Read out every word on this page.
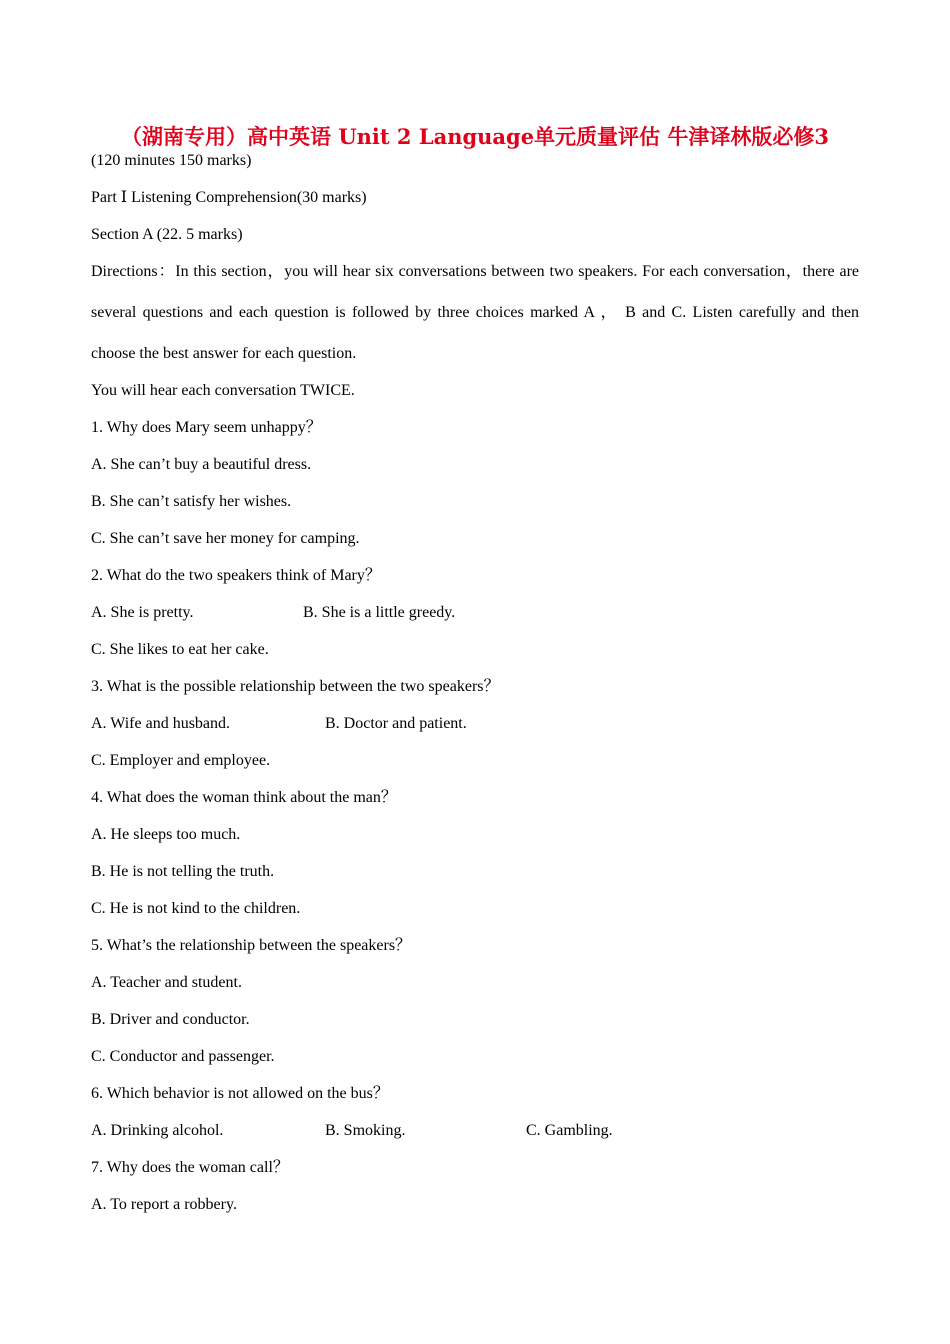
（湖南专用）高中英语 Unit 2 Language单元质量评估 牛津译林版必修3
(120 minutes 150 marks)
Part Ⅰ Listening Comprehension(30 marks)
Section A (22. 5 marks)
Directions：In this section，you will hear six conversations between two speakers. For each conversation，there are
several questions and each question is followed by three choices marked A ， B and C. Listen carefully and then
choose the best answer for each question.
You will hear each conversation TWICE.
1. Why does Mary seem unhappy？
A. She can’t buy a beautiful dress.
B. She can’t satisfy her wishes.
C. She can’t save her money for camping.
2. What do the two speakers think of Mary？
A. She is pretty.	B. She is a little greedy.
C. She likes to eat her cake.
3. What is the possible relationship between the two speakers？
A. Wife and husband.	B. Doctor and patient.
C. Employer and employee.
4. What does the woman think about the man？
A. He sleeps too much.
B. He is not telling the truth.
C. He is not kind to the children.
5. What’s the relationship between the speakers？
A. Teacher and student.
B. Driver and conductor.
C. Conductor and passenger.
6. Which behavior is not allowed on the bus？
A. Drinking alcohol.	B. Smoking.	C. Gambling.
7. Why does the woman call？
A. To report a robbery.
